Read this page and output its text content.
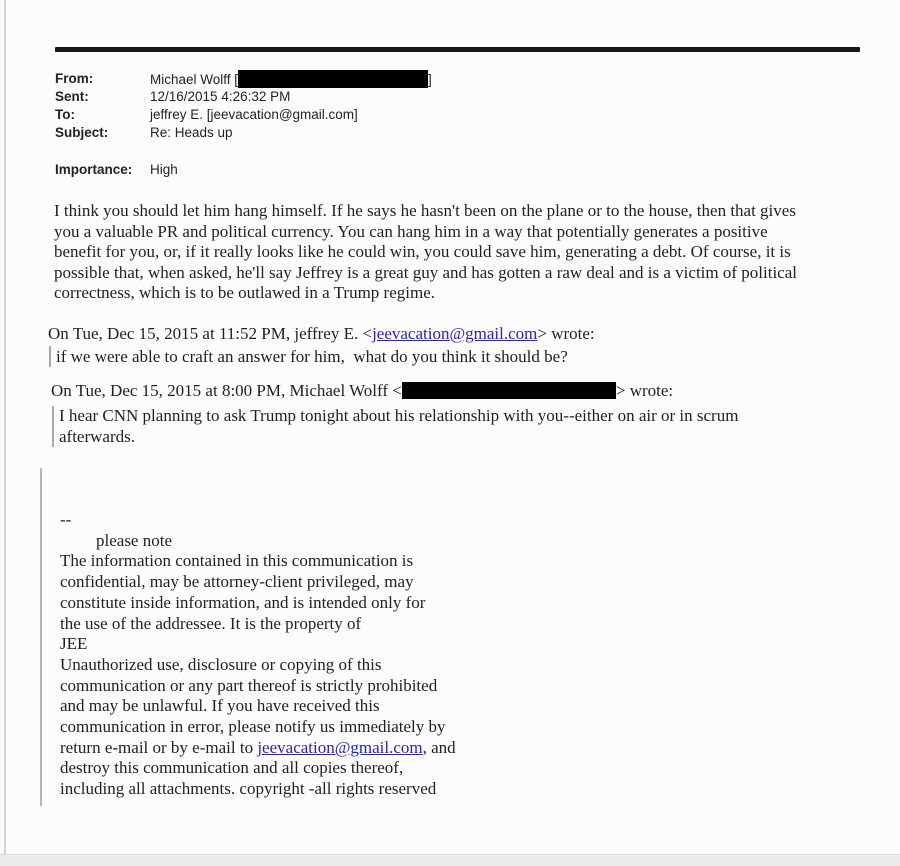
From:	Michael Wolff [	]
Sent:	12/16/2015 4:26:32 PM
To:	jeffrey E. [jeevacation@gmail.com]
Subject:	Re: Heads up
Importance:	High
I think you should let him hang himself. If he says he hasn't been on the plane or to the house, then that gives
you a valuable PR and political currency. You can hang him in a way that potentially generates a positive
benefit for you, or, if it really looks like he could win, you could save him, generating a debt. Of course, it is
possible that, when asked, he'll say Jeffrey is a great guy and has gotten a raw deal and is a victim of political
correctness, which is to be outlawed in a Trump regime.
On Tue, Dec 15, 2015 at 11:52 PM, jeffrey E. <jeevacation@gmail.com> wrote:
if we were able to craft an answer for him,  what do you think it should be?
On Tue, Dec 15, 2015 at 8:00 PM, Michael Wolff <	> wrote:
I hear CNN planning to ask Trump tonight about his relationship with you--either on air or in scrum
afterwards.
--
please note
The information contained in this communication is
confidential, may be attorney-client privileged, may
constitute inside information, and is intended only for
the use of the addressee. It is the property of
JEE
Unauthorized use, disclosure or copying of this
communication or any part thereof is strictly prohibited
and may be unlawful. If you have received this
communication in error, please notify us immediately by
return e-mail or by e-mail to jeevacation@gmail.com, and
destroy this communication and all copies thereof,
including all attachments. copyright -all rights reserved
